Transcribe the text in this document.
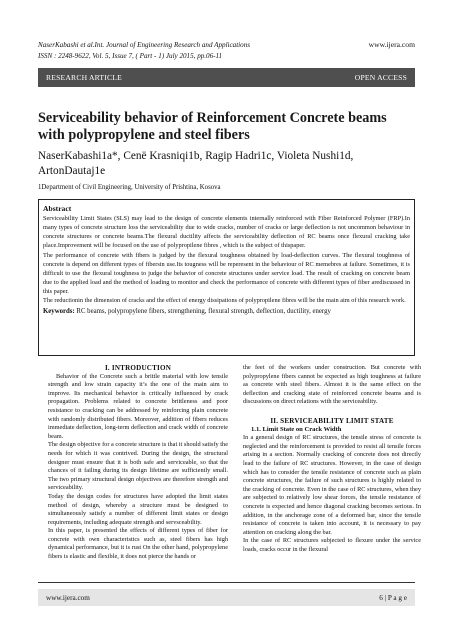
NaserKabashi et al.Int. Journal of Engineering Research and Applications
ISSN : 2248-9622, Vol. 5, Issue 7, ( Part - 1) July 2015, pp.06-11
www.ijera.com
RESEARCH ARTICLE	OPEN ACCESS
Serviceability behavior of Reinforcement Concrete beams with polypropylene and steel fibers
NaserKabashi1a*, Cenë Krasniqi1b, Ragip Hadri1c, Violeta Nushi1d, ArtonDautaj1e
1Department of Civil Engineering, University of Prishtina, Kosova
Abstract

Serviceability Limit States (SLS) may lead to the design of concrete elements internally reinforced with Fiber Reinforced Polymer (FRP).In many types of concrete structure loss the serviceability due to wide cracks, number of cracks or large deflection is not uncommon behaviour in concrete structures or concrete beams.The flexural ductility affects the serviceability deflection of RC beams once flexural cracking take place.Improvement will be focused on the use of polypropilene fibres , which is the subject of thispaper.

The performance of concrete with fibers is judged by the flexural toughness obtained by load-deflection curves. The flexural toughness of concrete is depend on different types of fibersin use.Its tougness will be reperesent in the behaviour of RC memebres at failure. Sometimes, it is difficult to use the flexural toughness to judge the behavior of concrete structures under service load. The result of cracking on concrete beam due to the applied load and the method of loading to monitor and check the performance of concrete with different types of fiber arediscussed in this paper.

The reductionin the dimension of cracks and the effect of energy dissipations of polypropilene fibres will be the main aim of this research work.

Keywords: RC beams, polypropylene fibers, strengthening, flexural strength, deflection, ductility, energy

I. INTRODUCTION

Behavior of the Concrete such a brittle material with low tensile strength and low strain capacity it’s the one of the main aim to improve. Its mechanical behavior is critically influenced by crack propagation. Problems related to concrete brittleness and poor resistance to cracking can be addressed by reinforcing plain concrete with randomly distributed fibers. Moreover, addition of fibers reduces immediate deflection, long-term deflection and crack width of concrete beam.

The design objective for a concrete structure is that it should satisfy the needs for which it was contrived. During the design, the structural designer must ensure that it is both safe and serviceable, so that the chances of it failing during its design lifetime are sufficiently small. The two primary structural design objectives are therefore strength and serviceability.

Today the design codes for structures have adopted the limit states method of design, whereby a structure must be designed to simultaneously satisfy a number of different limit states or design requirements, including adequate strength and servsceability.

In this paper, is presented the effects of different types of fiber for concrete with own characteristics such as, steel fibers has high dynamical performance, but it is rust On the other hand, polypropylene fibers is elastic and flexible, it does not pierce the hands or

the feet of the workers under construction. But concrete with polypropylene fibers cannot be expected as high toughness at failure as concrete with steel fibers. Almost it is the same effect on the deflection and cracking state of reinforced concrete beams and is discussions on direct relations with the serviceability.

II. SERVICEABILITY LIMIT STATE

1.1. Limit State on Crack Width

In a general design of RC structures, the tensile stress of concrete is neglected and the reinforcement is provided to resist all tensile forces arising in a section. Normally cracking of concrete does not directly lead to the failure of RC structures. However, in the case of design which has to consider the tensile resistance of concrete such as plain concrete structures, the failure of such structures is highly related to the cracking of concrete. Even in the case of RC structures, when they are subjected to relatively low shear forces, the tensile resistance of concrete is expected and hence diagonal cracking becomes serious. In addition, in the anchorage zone of a deformed bar, since the tensile resistance of concrete is taken into account, it is necessary to pay attention on cracking along the bar.

In the case of RC structures subjected to flexure under the service loads, cracks occur in the flexural

www.ijera.com	6 | P a g e
